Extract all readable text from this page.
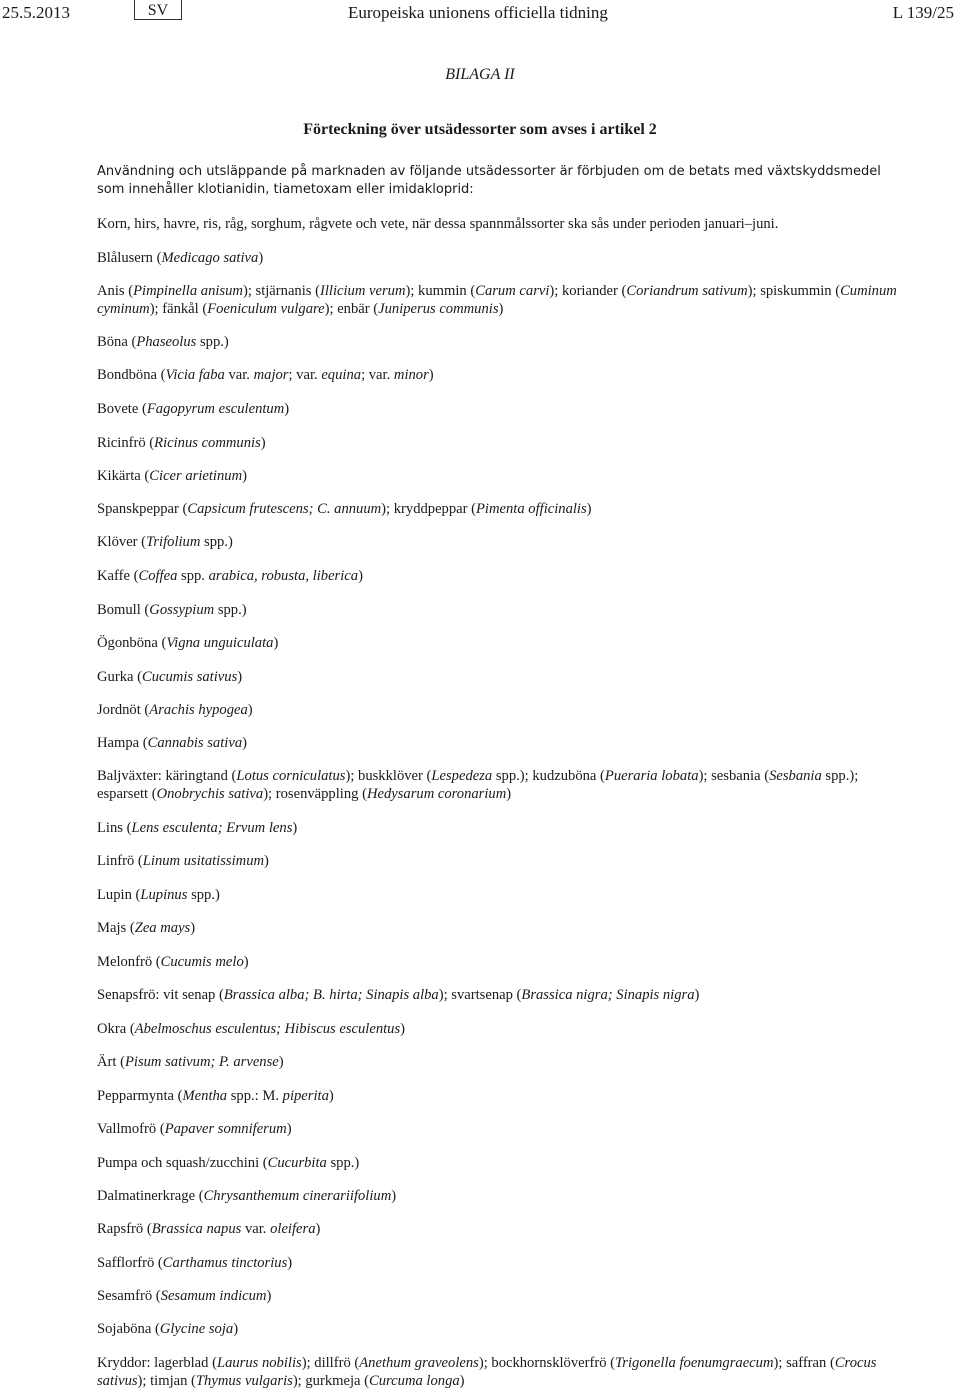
25.5.2013	SV	Europeiska unionens officiella tidning	L 139/25
BILAGA II
Förteckning över utsädessorter som avses i artikel 2
Användning och utsläppande på marknaden av följande utsädessorter är förbjuden om de betats med växtskyddsmedel som innehåller klotianidin, tiametoxam eller imidakloprid:
Korn, hirs, havre, ris, råg, sorghum, rågvete och vete, när dessa spannmålssorter ska sås under perioden januari–juni.
Blålusern (Medicago sativa)
Anis (Pimpinella anisum); stjärnanis (Illicium verum); kummin (Carum carvi); koriander (Coriandrum sativum); spiskummin (Cuminum cyminum); fänkål (Foeniculum vulgare); enbär (Juniperus communis)
Böna (Phaseolus spp.)
Bondböna (Vicia faba var. major; var. equina; var. minor)
Bovete (Fagopyrum esculentum)
Ricinfrö (Ricinus communis)
Kikärta (Cicer arietinum)
Spanskpeppar (Capsicum frutescens; C. annuum); kryddpeppar (Pimenta officinalis)
Klöver (Trifolium spp.)
Kaffe (Coffea spp. arabica, robusta, liberica)
Bomull (Gossypium spp.)
Ögonböna (Vigna unguiculata)
Gurka (Cucumis sativus)
Jordnöt (Arachis hypogea)
Hampa (Cannabis sativa)
Baljväxter: käringtand (Lotus corniculatus); buskklöver (Lespedeza spp.); kudzuböna (Pueraria lobata); sesbania (Sesbania spp.); esparsett (Onobrychis sativa); rosenväppling (Hedysarum coronarium)
Lins (Lens esculenta; Ervum lens)
Linfrö (Linum usitatissimum)
Lupin (Lupinus spp.)
Majs (Zea mays)
Melonfrö (Cucumis melo)
Senapsfrö: vit senap (Brassica alba; B. hirta; Sinapis alba); svartsenap (Brassica nigra; Sinapis nigra)
Okra (Abelmoschus esculentus; Hibiscus esculentus)
Ärt (Pisum sativum; P. arvense)
Pepparmynta (Mentha spp.: M. piperita)
Vallmofrö (Papaver somniferum)
Pumpa och squash/zucchini (Cucurbita spp.)
Dalmatinerkrage (Chrysanthemum cinerariifolium)
Rapsfrö (Brassica napus var. oleifera)
Safflorfrö (Carthamus tinctorius)
Sesamfrö (Sesamum indicum)
Sojaböna (Glycine soja)
Kryddor: lagerblad (Laurus nobilis); dillfrö (Anethum graveolens); bockhornsklöverfrö (Trigonella foenumgraecum); saffran (Crocus sativus); timjan (Thymus vulgaris); gurkmeja (Curcuma longa)
